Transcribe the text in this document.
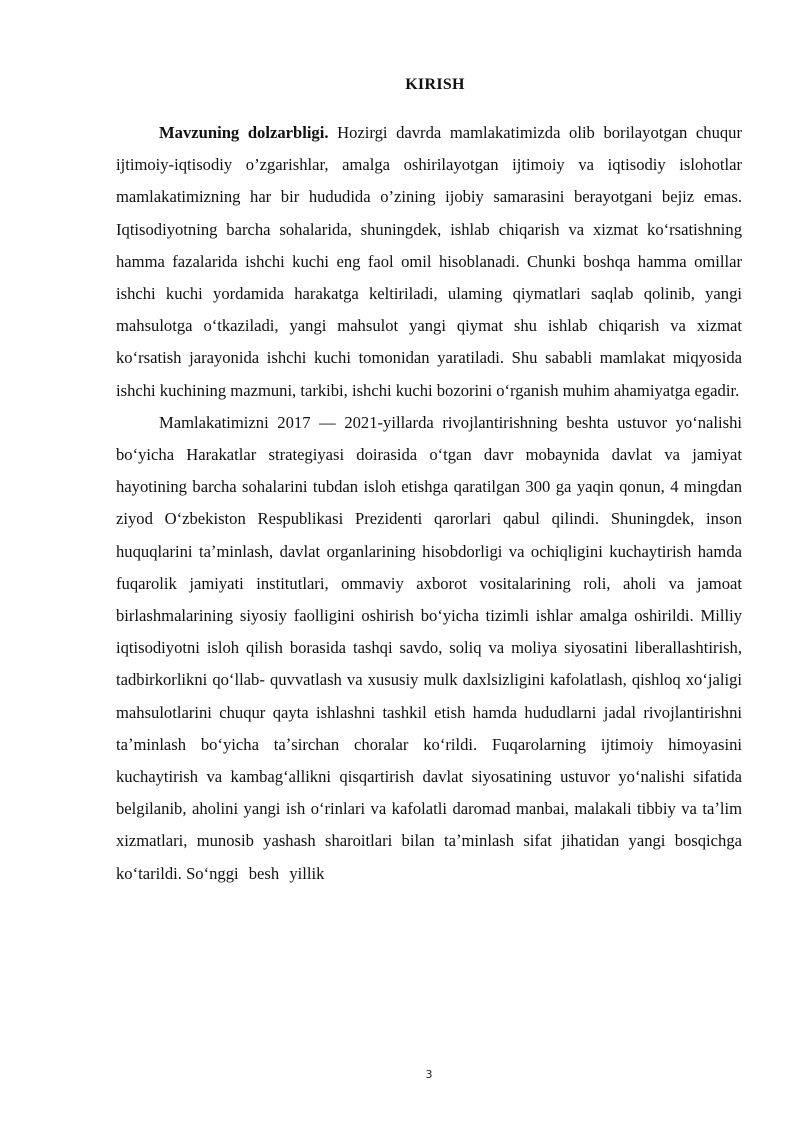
KIRISH

Mavzuning dolzarbligi. Hozirgi davrda mamlakatimizda olib borilayotgan chuqur ijtimoiy-iqtisodiy o’zgarishlar, amalga oshirilayotgan ijtimoiy va iqtisodiy islohotlar mamlakatimizning har bir hududida o’zining ijobiy samarasini berayotgani bejiz emas. Iqtisodiyotning barcha sohalarida, shuningdek, ishlab chiqarish va xizmat koʻrsatishning hamma fazalarida ishchi kuchi eng faol omil hisoblanadi. Chunki boshqa hamma omillar ishchi kuchi yordamida harakatga keltiriladi, ulaming qiymatlari saqlab qolinib, yangi mahsulotga oʻtkaziladi, yangi mahsulot yangi qiymat shu ishlab chiqarish va xizmat koʻrsatish jarayonida ishchi kuchi tomonidan yaratiladi. Shu sababli mamlakat miqyosida ishchi kuchining mazmuni, tarkibi, ishchi kuchi bozorini oʻrganish muhim ahamiyatga egadir.

Mamlakatimizni 2017 — 2021-yillarda rivojlantirishning beshta ustuvor yoʻnalishi boʻyicha Harakatlar strategiyasi doirasida oʻtgan davr mobaynida davlat va jamiyat hayotining barcha sohalarini tubdan isloh etishga qaratilgan 300 ga yaqin qonun, 4 mingdan ziyod Oʻzbekiston Respublikasi Prezidenti qarorlari qabul qilindi. Shuningdek, inson huquqlarini taʼminlash, davlat organlarining hisobdorligi va ochiqligini kuchaytirish hamda fuqarolik jamiyati institutlari, ommaviy axborot vositalarining roli, aholi va jamoat birlashmalarining siyosiy faolligini oshirish boʻyicha tizimli ishlar amalga oshirildi. Milliy iqtisodiyotni isloh qilish borasida tashqi savdo, soliq va moliya siyosatini liberallashtirish, tadbirkorlikni qoʻllab- quvvatlash va xususiy mulk daxlsizligini kafolatlash, qishloq xoʻjaligi mahsulotlarini chuqur qayta ishlashni tashkil etish hamda hududlarni jadal rivojlantirishni taʼminlash boʻyicha taʼsirchan choralar koʻrildi. Fuqarolarning ijtimoiy himoyasini kuchaytirish va kambagʻallikni qisqartirish davlat siyosatining ustuvor yoʻnalishi sifatida belgilanib, aholini yangi ish oʻrinlari va kafolatli daromad manbai, malakali tibbiy va taʼlim xizmatlari, munosib yashash sharoitlari bilan taʼminlash sifat jihatidan yangi bosqichga koʻtarildi. Soʻnggi besh yillik

3
